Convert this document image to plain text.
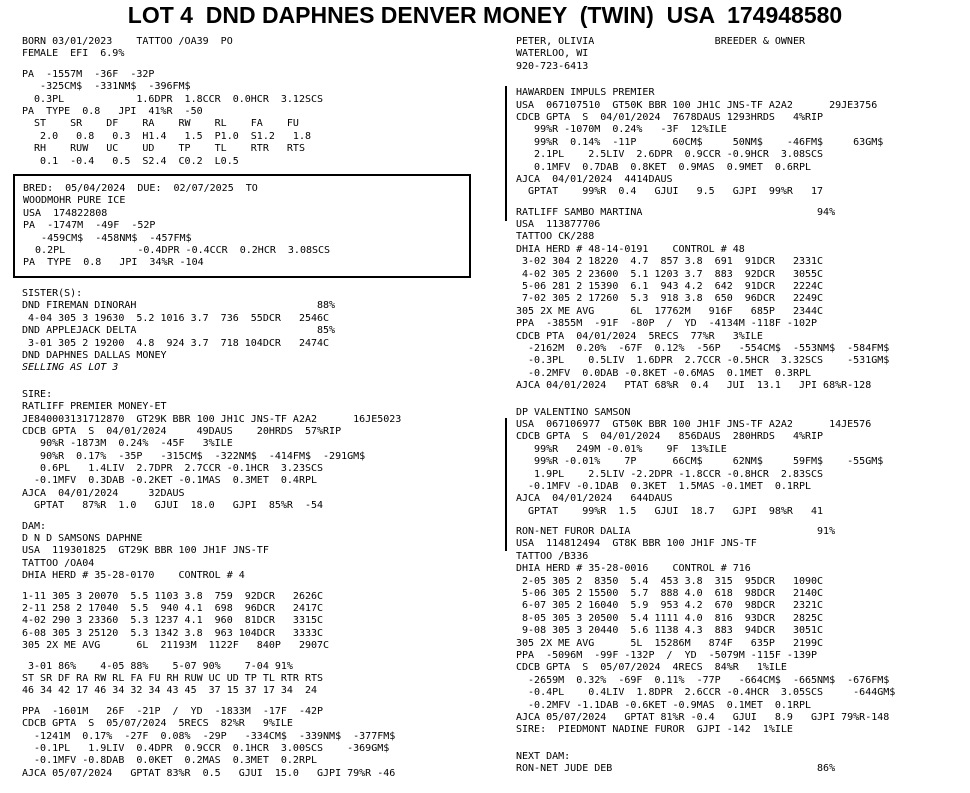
LOT 4  DND DAPHNES DENVER MONEY  (TWIN)  USA  174948580
BORN 03/01/2023    TATTOO /OA39  PO
FEMALE  EFI  6.9%
PA  -1557M  -36F  -32P
-325CM$  -331NM$  -396FM$
0.3PL            1.6DPR  1.8CCR  0.0HCR  3.12SCS
PA  TYPE  0.8   JPI  41%R  -50
ST    SR    DF    RA    RW    RL    FA    FU
2.0   0.8   0.3  H1.4   1.5  P1.0  S1.2   1.8
RH    RUW   UC    UD    TP    TL    RTR   RTS
0.1  -0.4   0.5  S2.4  C0.2  L0.5
BRED:  05/04/2024  DUE:  02/07/2025  TO
WOODMOHR PURE ICE
USA  174822808
PA  -1747M  -49F  -52P
-459CM$  -458NM$  -457FM$
0.2PL            -0.4DPR -0.4CCR  0.2HCR  3.08SCS
PA  TYPE  0.8   JPI  34%R -104
SISTER(S):
DND FIREMAN DINORAH                              88%
4-04 305 3 19630  5.2 1016 3.7  736  55DCR   2546C
DND APPLEJACK DELTA                              85%
3-01 305 2 19200  4.8  924 3.7  718 104DCR   2474C
DND DAPHNES DALLAS MONEY
SELLING AS LOT 3
SIRE:
RATLIFF PREMIER MONEY-ET
JE840003131712870  GT29K BBR 100 JH1C JNS-TF A2A2      16JE5023
CDCB GPTA  S  04/01/2024     49DAUS    20HRDS  57%RIP
90%R -1873M  0.24%  -45F   3%ILE
90%R  0.17%  -35P   -315CM$  -322NM$  -414FM$  -291GM$
0.6PL   1.4LIV  2.7DPR  2.7CCR -0.1HCR  3.23SCS
-0.1MFV  0.3DAB -0.2KET -0.1MAS  0.3MET  0.4RPL
AJCA  04/01/2024     32DAUS
GPTAT   87%R  1.0   GJUI  18.0   GJPI  85%R  -54
DAM:
D N D SAMSONS DAPHNE
USA  119301825  GT29K BBR 100 JH1F JNS-TF
TATTOO /OA04
DHIA HERD # 35-28-0170    CONTROL # 4
1-11 305 3 20070  5.5 1103 3.8  759  92DCR   2626C
2-11 258 2 17040  5.5  940 4.1  698  96DCR   2417C
4-02 290 3 23360  5.3 1237 4.1  960  81DCR   3315C
6-08 305 3 25120  5.3 1342 3.8  963 104DCR   3333C
305 2X ME AVG      6L  21193M  1122F   840P   2907C
3-01 86%    4-05 88%    5-07 90%    7-04 91%
ST SR DF RA RW RL FA FU RH RUW UC UD TP TL RTR RTS
46 34 42 17 46 34 32 34 43 45  37 15 37 17 34  24
PPA  -1601M   26F  -21P  /  YD  -1833M  -17F  -42P
CDCB GPTA  S  05/07/2024  5RECS  82%R   9%ILE
-1241M  0.17%  -27F  0.08%  -29P   -334CM$  -339NM$  -377FM$
-0.1PL   1.9LIV  0.4DPR  0.9CCR  0.1HCR  3.00SCS    -369GM$
-0.1MFV -0.8DAB  0.0KET  0.2MAS  0.3MET  0.2RPL
AJCA 05/07/2024   GPTAT 83%R  0.5   GJUI  15.0   GJPI 79%R -46
PETER, OLIVIA                    BREEDER & OWNER
WATERLOO, WI
920-723-6413
HAWARDEN IMPULS PREMIER
USA  067107510  GT50K BBR 100 JH1C JNS-TF A2A2      29JE3756
CDCB GPTA  S  04/01/2024  7678DAUS 1293HRDS   4%RIP
99%R -1070M  0.24%   -3F  12%ILE
99%R  0.14%  -11P      60CM$     50NM$    -46FM$     63GM$
2.1PL    2.5LIV  2.6DPR  0.9CCR -0.9HCR  3.08SCS
0.1MFV  0.7DAB  0.8KET  0.9MAS  0.9MET  0.6RPL
AJCA  04/01/2024  4414DAUS
GPTAT    99%R  0.4   GJUI   9.5   GJPI  99%R   17
RATLIFF SAMBO MARTINA                             94%
USA  113877706
TATTOO CK/288
DHIA HERD # 48-14-0191    CONTROL # 48
3-02 304 2 18220  4.7  857 3.8  691  91DCR   2331C
4-02 305 2 23600  5.1 1203 3.7  883  92DCR   3055C
5-06 281 2 15390  6.1  943 4.2  642  91DCR   2224C
7-02 305 2 17260  5.3  918 3.8  650  96DCR   2249C
305 2X ME AVG      6L  17762M   916F   685P   2344C
PPA  -3855M  -91F  -80P  /  YD  -4134M -118F -102P
CDCB PTA  04/01/2024  5RECS  77%R   3%ILE
-2162M  0.20%  -67F  0.12%  -56P   -554CM$  -553NM$  -584FM$
-0.3PL    0.5LIV  1.6DPR  2.7CCR -0.5HCR  3.32SCS    -531GM$
-0.2MFV  0.0DAB -0.8KET -0.6MAS  0.1MET  0.3RPL
AJCA 04/01/2024   PTAT 68%R  0.4   JUI  13.1   JPI 68%R-128
DP VALENTINO SAMSON
USA  067106977  GT50K BBR 100 JH1F JNS-TF A2A2      14JE576
CDCB GPTA  S  04/01/2024   856DAUS  280HRDS   4%RIP
99%R   249M -0.01%    9F  13%ILE
99%R -0.01%    7P      66CM$     62NM$     59FM$    -55GM$
1.9PL    2.5LIV -2.2DPR -1.8CCR -0.8HCR  2.83SCS
-0.1MFV -0.1DAB  0.3KET  1.5MAS -0.1MET  0.1RPL
AJCA  04/01/2024   644DAUS
GPTAT    99%R  1.5   GJUI  18.7   GJPI  98%R   41
RON-NET FUROR DALIA                               91%
USA  114812494  GT8K BBR 100 JH1F JNS-TF
TATTOO /B336
DHIA HERD # 35-28-0016    CONTROL # 716
2-05 305 2  8350  5.4  453 3.8  315  95DCR   1090C
5-06 305 2 15500  5.7  888 4.0  618  98DCR   2140C
6-07 305 2 16040  5.9  953 4.2  670  98DCR   2321C
8-05 305 3 20500  5.4 1111 4.0  816  93DCR   2825C
9-08 305 3 20440  5.6 1138 4.3  883  94DCR   3051C
305 2X ME AVG      5L  15286M   874F   635P   2199C
PPA  -5096M  -99F -132P  /  YD  -5079M -115F -139P
CDCB GPTA  S  05/07/2024  4RECS  84%R   1%ILE
-2659M  0.32%  -69F  0.11%  -77P   -664CM$  -665NM$  -676FM$
-0.4PL    0.4LIV  1.8DPR  2.6CCR -0.4HCR  3.05SCS     -644GM$
-0.2MFV -1.1DAB -0.6KET -0.9MAS  0.1MET  0.1RPL
AJCA 05/07/2024   GPTAT 81%R -0.4   GJUI   8.9   GJPI 79%R-148
SIRE:  PIEDMONT NADINE FUROR  GJPI -142  1%ILE
NEXT DAM:
RON-NET JUDE DEB                                  86%
